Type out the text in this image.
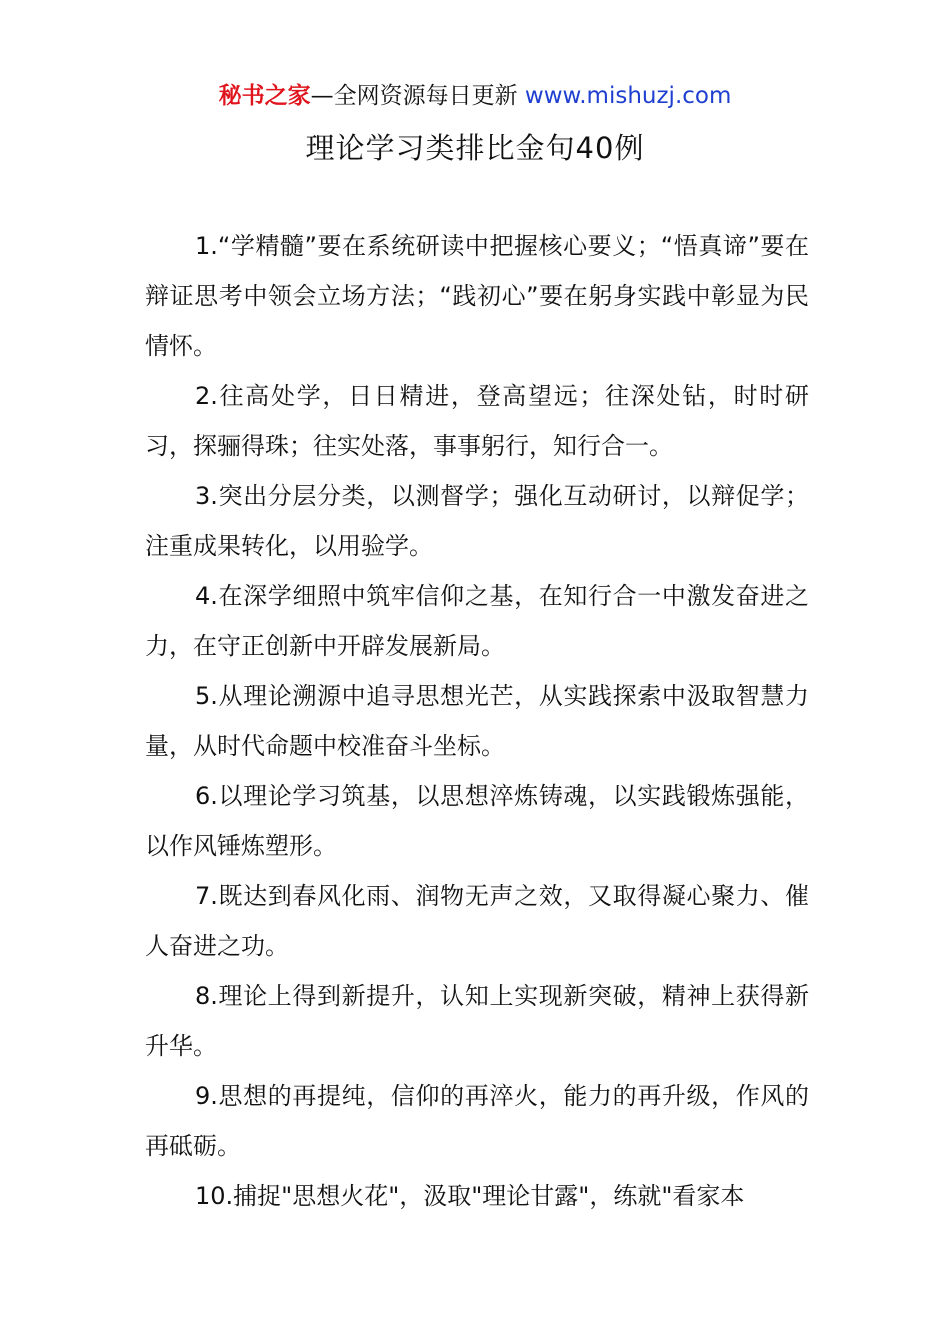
秘书之家—全网资源每日更新 www.mishuzj.com
理论学习类排比金句40例

1.“学精髓”要在系统研读中把握核心要义；“悟真谛”要在辩证思考中领会立场方法；“践初心”要在躬身实践中彰显为民情怀。

2.往高处学，日日精进，登高望远；往深处钻，时时研习，探骊得珠；往实处落，事事躬行，知行合一。

3.突出分层分类，以测督学；强化互动研讨，以辩促学；注重成果转化，以用验学。

4.在深学细照中筑牢信仰之基，在知行合一中激发奋进之力，在守正创新中开辟发展新局。

5.从理论溯源中追寻思想光芒，从实践探索中汲取智慧力量，从时代命题中校准奋斗坐标。

6.以理论学习筑基，以思想淬炼铸魂，以实践锻炼强能，以作风锤炼塑形。

7.既达到春风化雨、润物无声之效，又取得凝心聚力、催人奋进之功。

8.理论上得到新提升，认知上实现新突破，精神上获得新升华。

9.思想的再提纯，信仰的再淬火，能力的再升级，作风的再砥砺。

10.捕捉"思想火花"，汲取"理论甘露"，练就"看家本
